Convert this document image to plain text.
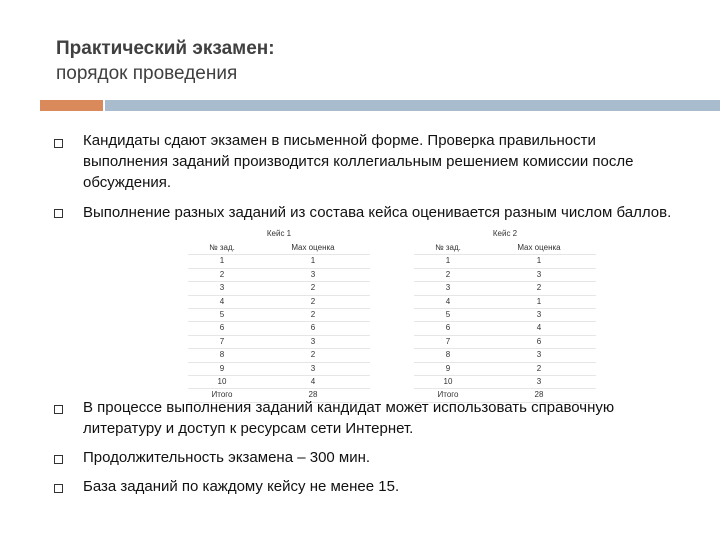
Практический экзамен:
порядок проведения
Кандидаты сдают экзамен в письменной форме. Проверка правильности выполнения заданий производится коллегиальным решением комиссии после обсуждения.
Выполнение разных заданий из состава кейса оценивается разным числом баллов.
Кейс 1
№ зад.	Max оценка
1	1
2	3
3	2
4	2
5	2
6	6
7	3
8	2
9	3
10	4
Итого	28
Кейс 2
№ зад.	Max оценка
1	1
2	3
3	2
4	1
5	3
6	4
7	6
8	3
9	2
10	3
Итого	28
В процессе выполнения заданий кандидат может использовать справочную литературу и доступ к ресурсам сети Интернет.
Продолжительность экзамена – 300 мин.
База заданий по каждому кейсу не менее 15.
